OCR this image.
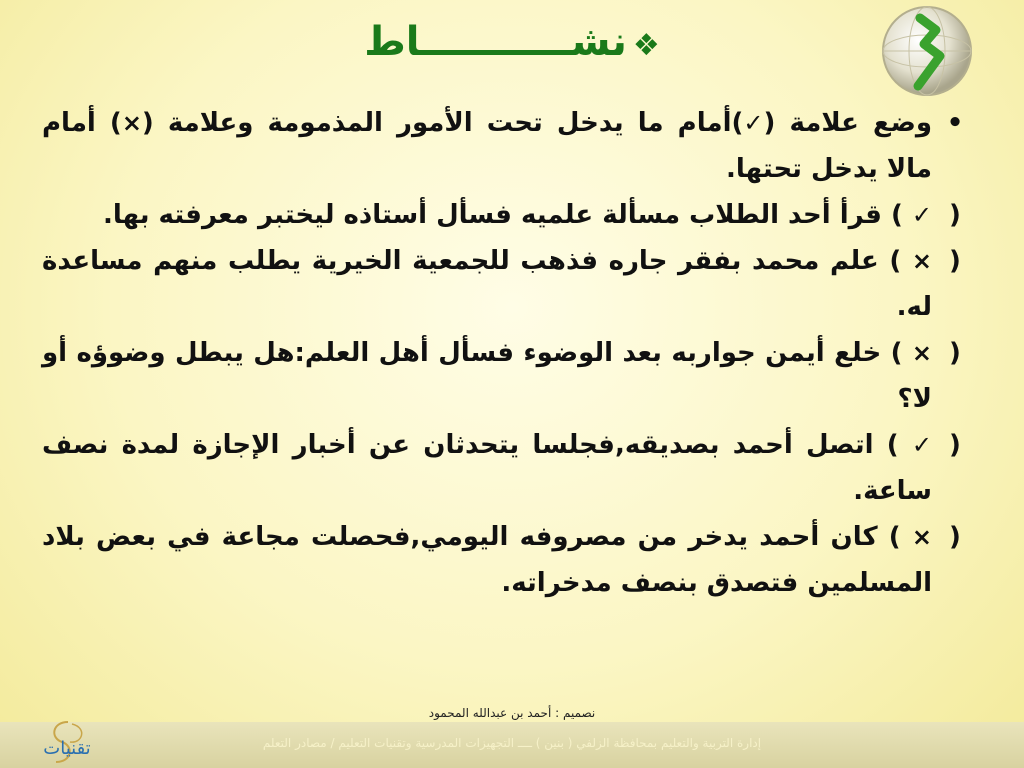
❖نشـــــــــــاط

•
وضع علامة (✓)أمام ما يدخل تحت الأمور المذمومة وعلامة (×) أمام مالا يدخل تحتها.

(
✓ ) قرأ أحد الطلاب مسألة علميه فسأل أستاذه ليختبر معرفته بها.

(
× ) علم محمد بفقر جاره فذهب للجمعية الخيرية يطلب منهم مساعدة له.

(
× ) خلع أيمن جواربه بعد الوضوء فسأل أهل العلم:هل يبطل وضوؤه أو لا؟

(
✓ ) اتصل أحمد بصديقه,فجلسا يتحدثان عن أخبار الإجازة لمدة نصف ساعة.

(
× ) كان أحمد يدخر من مصروفه اليومي,فحصلت مجاعة في بعض بلاد المسلمين فتصدق بنصف مدخراته.

نصميم : أحمد بن عبدالله المحمود
إدارة التربية والتعليم بمحافظة الزلفي ( بنين ) ــــ التجهيزات المدرسية وتقنيات التعليم / مصادر التعلم
تقنيات
